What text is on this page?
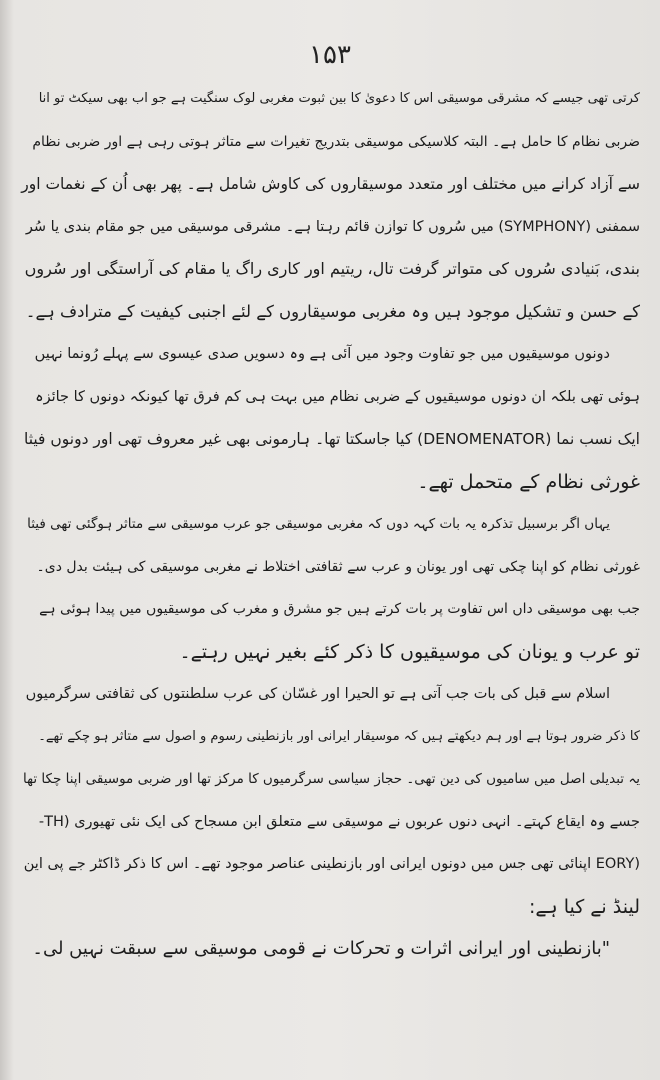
۱۵۳
کرتی تھی جیسے کہ مشرقی موسیقی اس کا دعویٰ کا بین ثبوت مغربی لوک سنگیت ہے جو اب بھی سیکٹ تو انا
ضربی نظام کا حامل ہے۔ البتہ کلاسیکی موسیقی بتدریج تغیرات سے متاثر ہوتی رہی ہے اور ضربی نظام
سے آزاد کرانے میں مختلف اور متعدد موسیقاروں کی کاوش شامل ہے۔ پھر بھی اُن کے نغمات اور
سمفنی (SYMPHONY) میں سُروں کا توازن قائم رہتا ہے۔ مشرقی موسیقی میں جو مقام بندی یا سُر
بندی، بَنیادی سُروں کی متواتر گرفت تال، ریتیم اور کاری راگ یا مقام کی آراستگی اور سُروں
کے حسن و تشکیل موجود ہیں وہ مغربی موسیقاروں کے لئے اجنبی کیفیت کے مترادف ہے۔
دونوں موسیقیوں میں جو تفاوت وجود میں آئی ہے وہ دسویں صدی عیسوی سے پہلے رُونما نہیں
ہوئی تھی بلکہ ان دونوں موسیقیوں کے ضربی نظام میں بہت ہی کم فرق تھا کیونکہ دونوں کا جائزہ
ایک نسب نما (DENOMENATOR) کیا جاسکتا تھا۔ ہارمونی بھی غیر معروف تھی اور دونوں فیثا
غورثی نظام کے متحمل تھے۔
یہاں اگر برسبیل تذکرہ یہ بات کہہ دوں کہ مغربی موسیقی جو عرب موسیقی سے متاثر ہوگئی تھی فیثا
غورثی نظام کو اپنا چکی تھی اور یونان و عرب سے ثقافتی اختلاط نے مغربی موسیقی کی ہیئت بدل دی۔
جب بھی موسیقی داں اس تفاوت پر بات کرتے ہیں جو مشرق و مغرب کی موسیقیوں میں پیدا ہوئی ہے
تو عرب و یونان کی موسیقیوں کا ذکر کئے بغیر نہیں رہتے۔
اسلام سے قبل کی بات جب آتی ہے تو الحیرا اور غسّان کی عرب سلطنتوں کی ثقافتی سرگرمیوں
کا ذکر ضرور ہوتا ہے اور ہم دیکھتے ہیں کہ موسیقار ایرانی اور بازنطینی رسوم و اصول سے متاثر ہو چکے تھے۔
یہ تبدیلی اصل میں سامیوں کی دین تھی۔ حجاز سیاسی سرگرمیوں کا مرکز تھا اور ضربی موسیقی اپنا چکا تھا
جسے وہ ایقاع کہتے۔ انہی دنوں عربوں نے موسیقی سے متعلق ابن مسجاح کی ایک نئی تھیوری (TH-
(EORY اپنائی تھی جس میں دونوں ایرانی اور بازنطینی عناصر موجود تھے۔ اس کا ذکر ڈاکٹر جے پی این
لینڈ نے کیا ہے:
"بازنطینی اور ایرانی اثرات و تحرکات نے قومی موسیقی سے سبقت نہیں لی۔
